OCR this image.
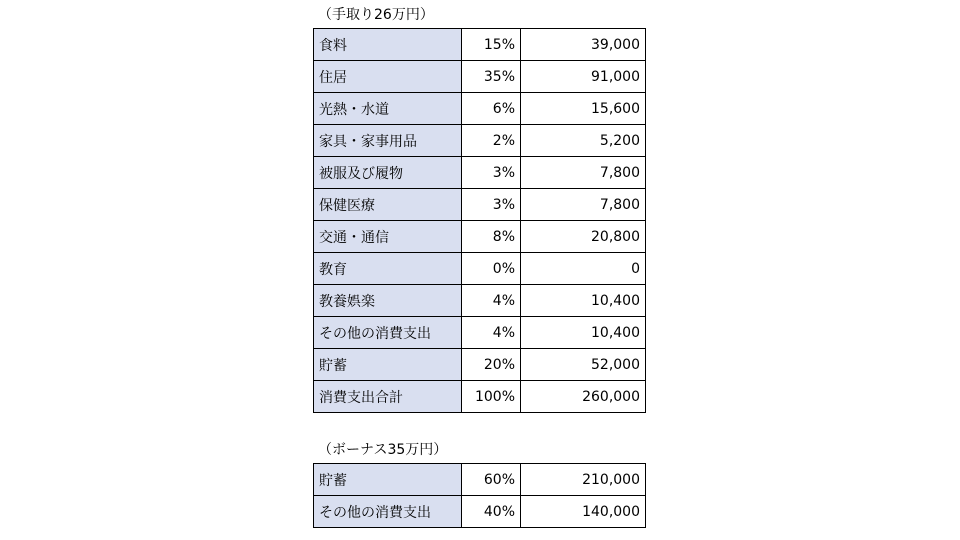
（手取り26万円）
食料	15%	39,000
住居	35%	91,000
光熱・水道	6%	15,600
家具・家事用品	2%	5,200
被服及び履物	3%	7,800
保健医療	3%	7,800
交通・通信	8%	20,800
教育	0%	0
教養娯楽	4%	10,400
その他の消費支出	4%	10,400
貯蓄	20%	52,000
消費支出合計	100%	260,000
（ボーナス35万円）
貯蓄	60%	210,000
その他の消費支出	40%	140,000
